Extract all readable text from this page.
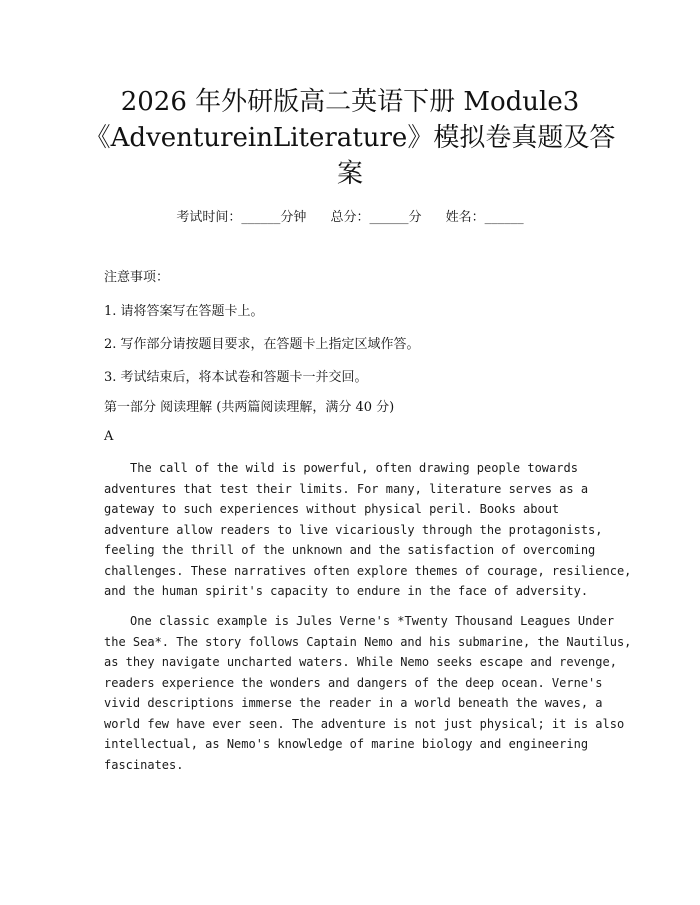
2026 年外研版高二英语下册 Module3
《AdventureinLiterature》模拟卷真题及答
案
考试时间：______分钟 总分：______分 姓名：______
注意事项：
1. 请将答案写在答题卡上。
2. 写作部分请按题目要求，在答题卡上指定区域作答。
3. 考试结束后，将本试卷和答题卡一并交回。
第一部分 阅读理解 (共两篇阅读理解，满分 40 分)
A
The call of the wild is powerful, often drawing people towards
adventures that test their limits. For many, literature serves as a
gateway to such experiences without physical peril. Books about
adventure allow readers to live vicariously through the protagonists,
feeling the thrill of the unknown and the satisfaction of overcoming
challenges. These narratives often explore themes of courage, resilience,
and the human spirit's capacity to endure in the face of adversity.
One classic example is Jules Verne's *Twenty Thousand Leagues Under
the Sea*. The story follows Captain Nemo and his submarine, the Nautilus,
as they navigate uncharted waters. While Nemo seeks escape and revenge,
readers experience the wonders and dangers of the deep ocean. Verne's
vivid descriptions immerse the reader in a world beneath the waves, a
world few have ever seen. The adventure is not just physical; it is also
intellectual, as Nemo's knowledge of marine biology and engineering
fascinates.
